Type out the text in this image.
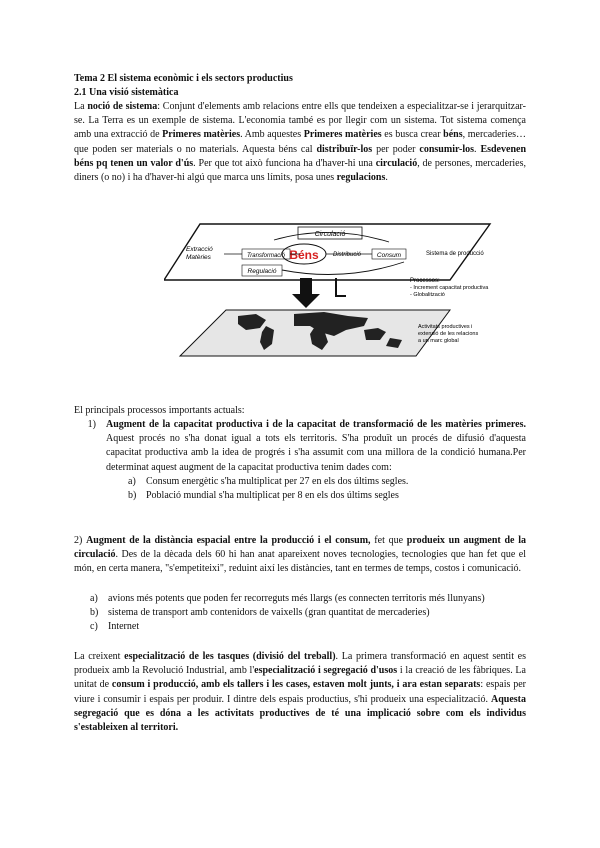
Tema 2 El sistema econòmic i els sectors productius
2.1 Una visió sistemàtica

La noció de sistema: Conjunt d'elements amb relacions entre ells que tendeixen a especialitzar-se i jerarquitzar-se. La Terra es un exemple de sistema. L'economia també es por llegir com un sistema. Tot sistema comença amb una extracció de Primeres matèries. Amb aquestes Primeres matèries es busca crear béns, mercaderies…que poden ser materials o no materials. Aquesta béns cal distribuïr-los per poder consumir-los. Esdevenen béns pq tenen un valor d'ús. Per que tot això funciona ha d'haver-hi una circulació, de persones, mercaderies, diners (o no) i ha d'haver-hi algú que marca uns límits, posa unes regulacions.

Circulació
Extracció
Matèries	Transformació Béns Distribució Consum
Regulació
Sistema de producció
Processos:
- Increment capacitat productiva
- Globalització
Activitats productives i
extensió de les relacions
a un marc global
El principals processos importants actuals:
1)	Augment de la capacitat productiva i de la capacitat de transformació de les matèries primeres. Aquest procés no s'ha donat igual a tots els territoris. S'ha produït un procés de difusió d'aquesta capacitat productiva amb la idea de progrés i s'ha assumit com una millora de la condició humana.Per determinat aquest augment de la capacitat productiva tenim dades com:
a)	Consum energètic s'ha multiplicat per 27 en els dos últims segles.
b) Població mundial s'ha multiplicat per 8 en els dos últims segles

2) Augment de la distància espacial entre la producció i el consum, fet que produeix un augment de la circulació. Des de la dècada dels 60 hi han anat apareixent noves tecnologies, tecnologies que han fet que el món, en certa manera, "s'empetiteixi", reduint així les distàncies, tant en termes de temps, costos i comunicació.

a)	avions més potents que poden fer recorreguts més llargs (es connecten territoris més llunyans)
b) sistema de transport amb contenidors de vaixells (gran quantitat de mercaderies)
c)	Internet

La creixent especialització de les tasques (divisió del treball). La primera transformació en aquest sentit es produeix amb la Revolució Industrial, amb l'especialització i segregació d'usos i la creació de les fàbriques. La unitat de consum i producció, amb els tallers i les cases, estaven molt junts, i ara estan separats: espais per viure i consumir i espais per produir. I dintre dels espais productius, s'hi produeix una especialització. Aquesta segregació que es dóna a les activitats productives de té una implicació sobre com els individus s'estableixen al territori.
